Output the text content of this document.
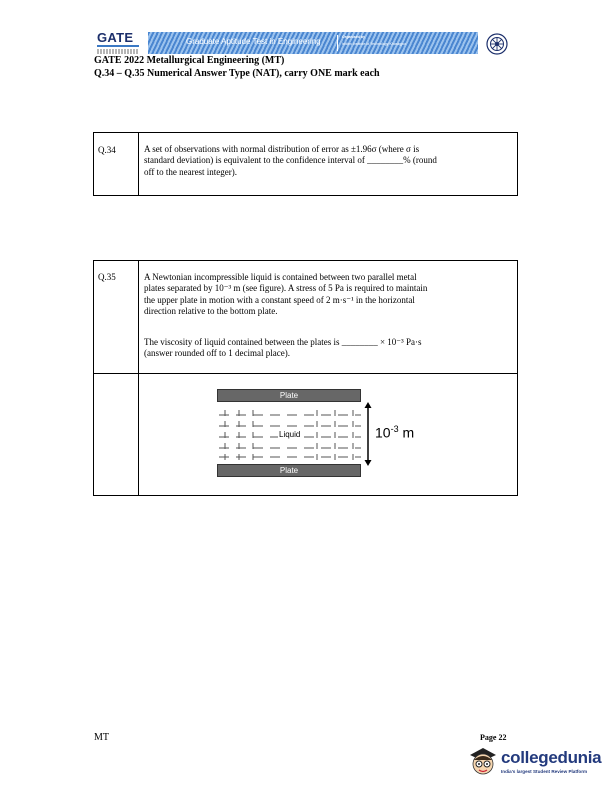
GATE	Graduate Aptitude Test in Engineering	Organised by
Indian Institute of Technology Kharagpur
GATE 2022 Metallurgical Engineering (MT)
Q.34 – Q.35 Numerical Answer Type (NAT), carry ONE mark each
Q.34	A set of observations with normal distribution of error as ±1.96σ (where σ is
standard deviation) is equivalent to the confidence interval of ________% (round
off to the nearest integer).
Q.35	A Newtonian incompressible liquid is contained between two parallel metal
plates separated by 10⁻³ m (see figure). A stress of 5 Pa is required to maintain
the upper plate in motion with a constant speed of 2 m·s⁻¹ in the horizontal
direction relative to the bottom plate.
The viscosity of liquid contained between the plates is ________ × 10⁻³ Pa·s
(answer rounded off to 1 decimal place).
Plate
Plate
Liquid	$10^{-3}$ m
MT	Page 22
collegedunia
India's largest Student Review Platform
